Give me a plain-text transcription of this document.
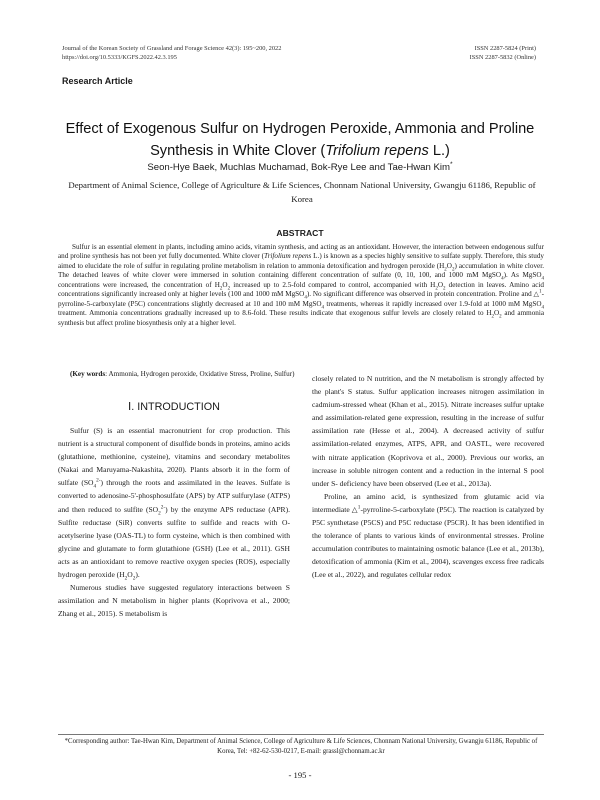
Journal of the Korean Society of Grassland and Forage Science 42(3): 195~200, 2022
https://doi.org/10.5333/KGFS.2022.42.3.195
ISSN 2287-5824 (Print)
ISSN 2287-5832 (Online)
Research Article
Effect of Exogenous Sulfur on Hydrogen Peroxide, Ammonia and Proline
Synthesis in White Clover (Trifolium repens L.)
Seon-Hye Baek, Muchlas Muchamad, Bok-Rye Lee and Tae-Hwan Kim*
Department of Animal Science, College of Agriculture & Life Sciences, Chonnam National University, Gwangju 61186, Republic of Korea
ABSTRACT
Sulfur is an essential element in plants, including amino acids, vitamin synthesis, and acting as an antioxidant. However, the interaction between endogenous sulfur and proline synthesis has not been yet fully documented. White clover (Trifolium repens L.) is known as a species highly sensitive to sulfate supply. Therefore, this study aimed to elucidate the role of sulfur in regulating proline metabolism in relation to ammonia detoxification and hydrogen peroxide $(H_2O_2)$ accumulation in white clover. The detached leaves of white clover were immersed in solution containing different concentration of sulfate (0, 10, 100, and 1000 mM MgSO$_4$). As MgSO$_4$ concentrations were increased, the concentration of $H_2O_2$ increased up to 2.5-fold compared to control, accompanied with $H_2O_2$ detection in leaves. Amino acid concentrations significantly increased only at higher levels (100 and 1000 mM MgSO$_4$). No significant difference was observed in protein concentration. Proline and △$^1$-pyrroline-5-carboxylate (P5C) concentrations slightly decreased at 10 and 100 mM MgSO$_4$ treatments, whereas it rapidly increased over 1.9-fold at 1000 mM MgSO$_4$ treatment. Ammonia concentrations gradually increased up to 8.6-fold. These results indicate that exogenous sulfur levels are closely related to $H_2O_2$ and ammonia synthesis but affect proline biosynthesis only at a higher level.
(Key words: Ammonia, Hydrogen peroxide, Oxidative Stress, Proline, Sulfur)
Ⅰ. INTRODUCTION

Sulfur (S) is an essential macronutrient for crop production. This nutrient is a structural component of disulfide bonds in proteins, amino acids (glutathione, methionine, cysteine), vitamins and secondary metabolites (Nakai and Maruyama-Nakashita, 2020). Plants absorb it in the form of sulfate $(SO_4^{2-})$ through the roots and assimilated in the leaves. Sulfate is converted to adenosine-5'-phosphosulfate (APS) by ATP sulfurylase (ATPS) and then reduced to sulfite $(SO_2^{2-})$ by the enzyme APS reductase (APR). Sulfite reductase (SiR) converts sulfite to sulfide and reacts with O-acetylserine lyase (OAS-TL) to form cysteine, which is then combined with glycine and glutamate to form glutathione (GSH) (Lee et al., 2011). GSH acts as an antioxidant to remove reactive oxygen species (ROS), especially hydrogen peroxide $(H_2O_2)$.

Numerous studies have suggested regulatory interactions between S assimilation and N metabolism in higher plants (Koprivova et al., 2000; Zhang et al., 2015). S metabolism is

closely related to N nutrition, and the N metabolism is strongly affected by the plant's S status. Sulfur application increases nitrogen assimilation in cadmium-stressed wheat (Khan et al., 2015). Nitrate increases sulfur uptake and assimilation-related gene expression, resulting in the increase of sulfur assimilation rate (Hesse et al., 2004). A decreased activity of sulfur assimilation-related enzymes, ATPS, APR, and OASTL, were recovered with nitrate application (Koprivova et al., 2000). Previous our works, an increase in soluble nitrogen content and a reduction in the internal S pool under S- deficiency have been observed (Lee et al., 2013a).

Proline, an amino acid, is synthesized from glutamic acid via intermediate △$^1$-pyrroline-5-carboxylate (P5C). The reaction is catalyzed by P5C synthetase (P5CS) and P5C reductase (P5CR). It has been identified in the tolerance of plants to various kinds of environmental stresses. Proline accumulation contributes to maintaining osmotic balance (Lee et al., 2013b), detoxification of ammonia (Kim et al., 2004), scavenges excess free radicals (Lee et al., 2022), and regulates cellular redox

*Corresponding author: Tae-Hwan Kim, Department of Animal Science, College of Agriculture & Life Sciences, Chonnam National University, Gwangju 61186, Republic of Korea, Tel: +82-62-530-0217, E-mail: grassl@chonnam.ac.kr
- 195 -
